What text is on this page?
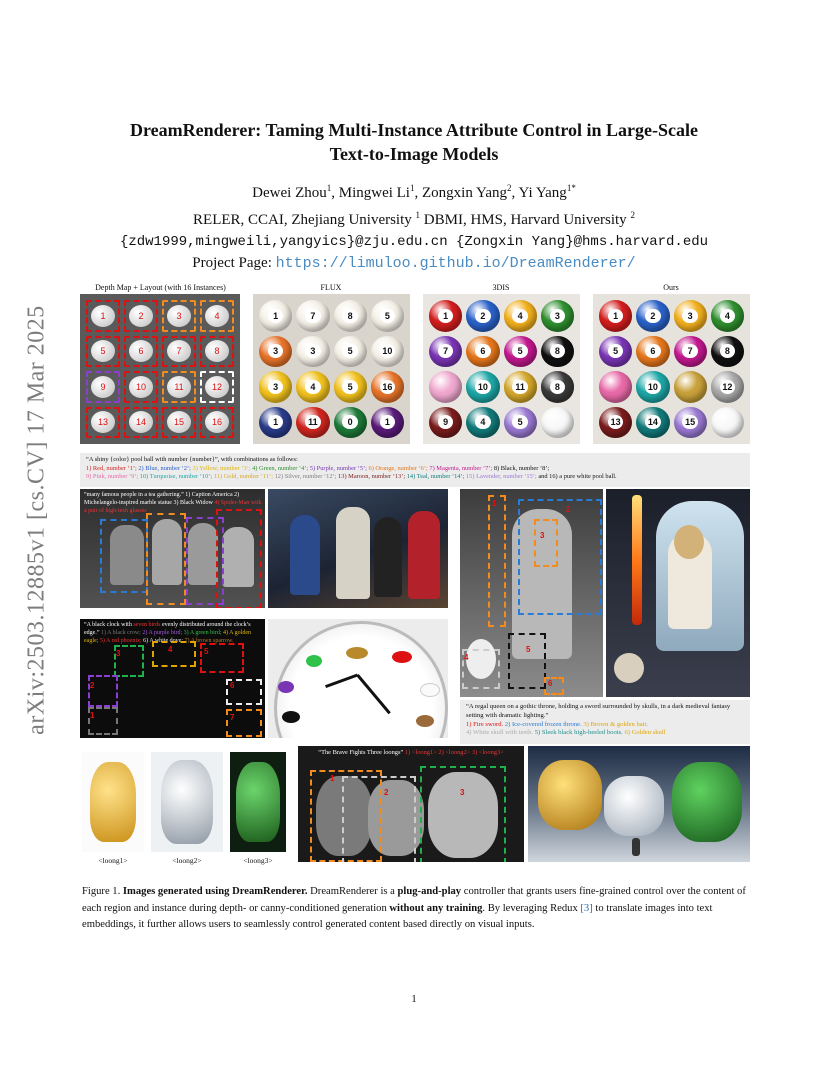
DreamRenderer: Taming Multi-Instance Attribute Control in Large-Scale
Text-to-Image Models
Dewei Zhou$^1$, Mingwei Li$^1$, Zongxin Yang$^2$, Yi Yang$^{1*}$
RELER, CCAI, Zhejiang University $^1$ DBMI, HMS, Harvard University $^2$
{zdw1999,mingweili,yangyics}@zju.edu.cn {Zongxin Yang}@hms.harvard.edu
Project Page: https://limuloo.github.io/DreamRenderer/
arXiv:2503.12885v1 [cs.CV] 17 Mar 2025
Depth Map + Layout (with 16 Instances)	FLUX	3DIS	Ours
1	2	3	4
5	6	7	8
9	10	11	12
13	14	15	16
1	7	8	5
3	3	5	10
3	4	5	16
1	11	0	1
1	2	4	3
7	6	5	8
10	11	8
9	4	5
1	2	3	4
5	6	7	8
10	12
13	14	15
“A shiny {color} pool ball with number {number}”, with combinations as follows:
1) Red, number ‘1’; 2) Blue, number ‘2’; 3) Yellow, number ‘3’; 4) Green, number ‘4’; 5) Purple, number ‘5’; 6) Orange, number ‘6’; 7) Magenta, number ‘7’; 8) Black, number ‘8’;
9) Pink, number ‘9’; 10) Turquoise, number ‘10’; 11) Gold, number ‘11’; 12) Silver, number ‘12’; 13) Maroon, number ‘13’; 14) Teal, number ‘14’; 15) Lavender, number ‘15’; and 16) a pure white pool ball.
“many famous people in a tea gathering.” 1) Caption America 2) Michelangelo-inspired marble statue 3) Black Widow 4) Spider-Man with a pair of high-tech glasses
1
2
3
4
5
6
“A regal queen on a gothic throne, holding a sword surrounded by skulls, in a dark medieval fantasy setting with dramatic lighting.”
1) Fire sword. 2) Ice-covered frozen throne. 3) Brown & golden hair.
4) White skull with teeth. 5) Sleek black high-heeled boots. 6) Golden skull
“A black clock with seven birds evenly distributed around the clock’s edge.” 1) A black crow; 2) A purple bird; 3) A green bird; 4) A golden eagle; 5) A red phoenix; 6) A white dove; 7) A brown sparrow.
1
2
3	4	5
6
7
<loong1>	<loong2>	<loong3>
“The Brave Fights Three loongs” 1) <loong1> 2) <loong2> 3) <loong3>
1
2	3
Figure 1. Images generated using DreamRenderer. DreamRenderer is a plug-and-play controller that grants users fine-grained control over the content of each region and instance during depth- or canny-conditioned generation without any training. By leveraging Redux [3] to translate images into text embeddings, it further allows users to seamlessly control generated content based directly on visual inputs.
1
